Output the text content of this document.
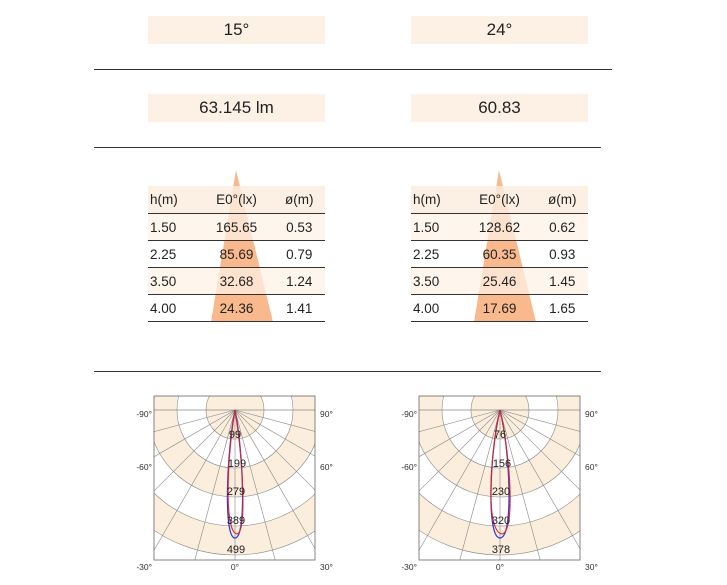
15°	24°
63.145 lm	60.83
h(m)	E0°(lx)	ø(m)
1.50	165.65	0.53
2.25	85.69	0.79
3.50	32.68	1.24
4.00	24.36	1.41
h(m)	E0°(lx)	ø(m)
1.50	128.62	0.62
2.25	60.35	0.93
3.50	25.46	1.45
4.00	17.69	1.65
-90°
-60°
-30°	0°	30°
60°
90°
99
199
279
389
499
-90°
-60°
-30°	0°	30°
60°
90°
76
156
230
320
378
